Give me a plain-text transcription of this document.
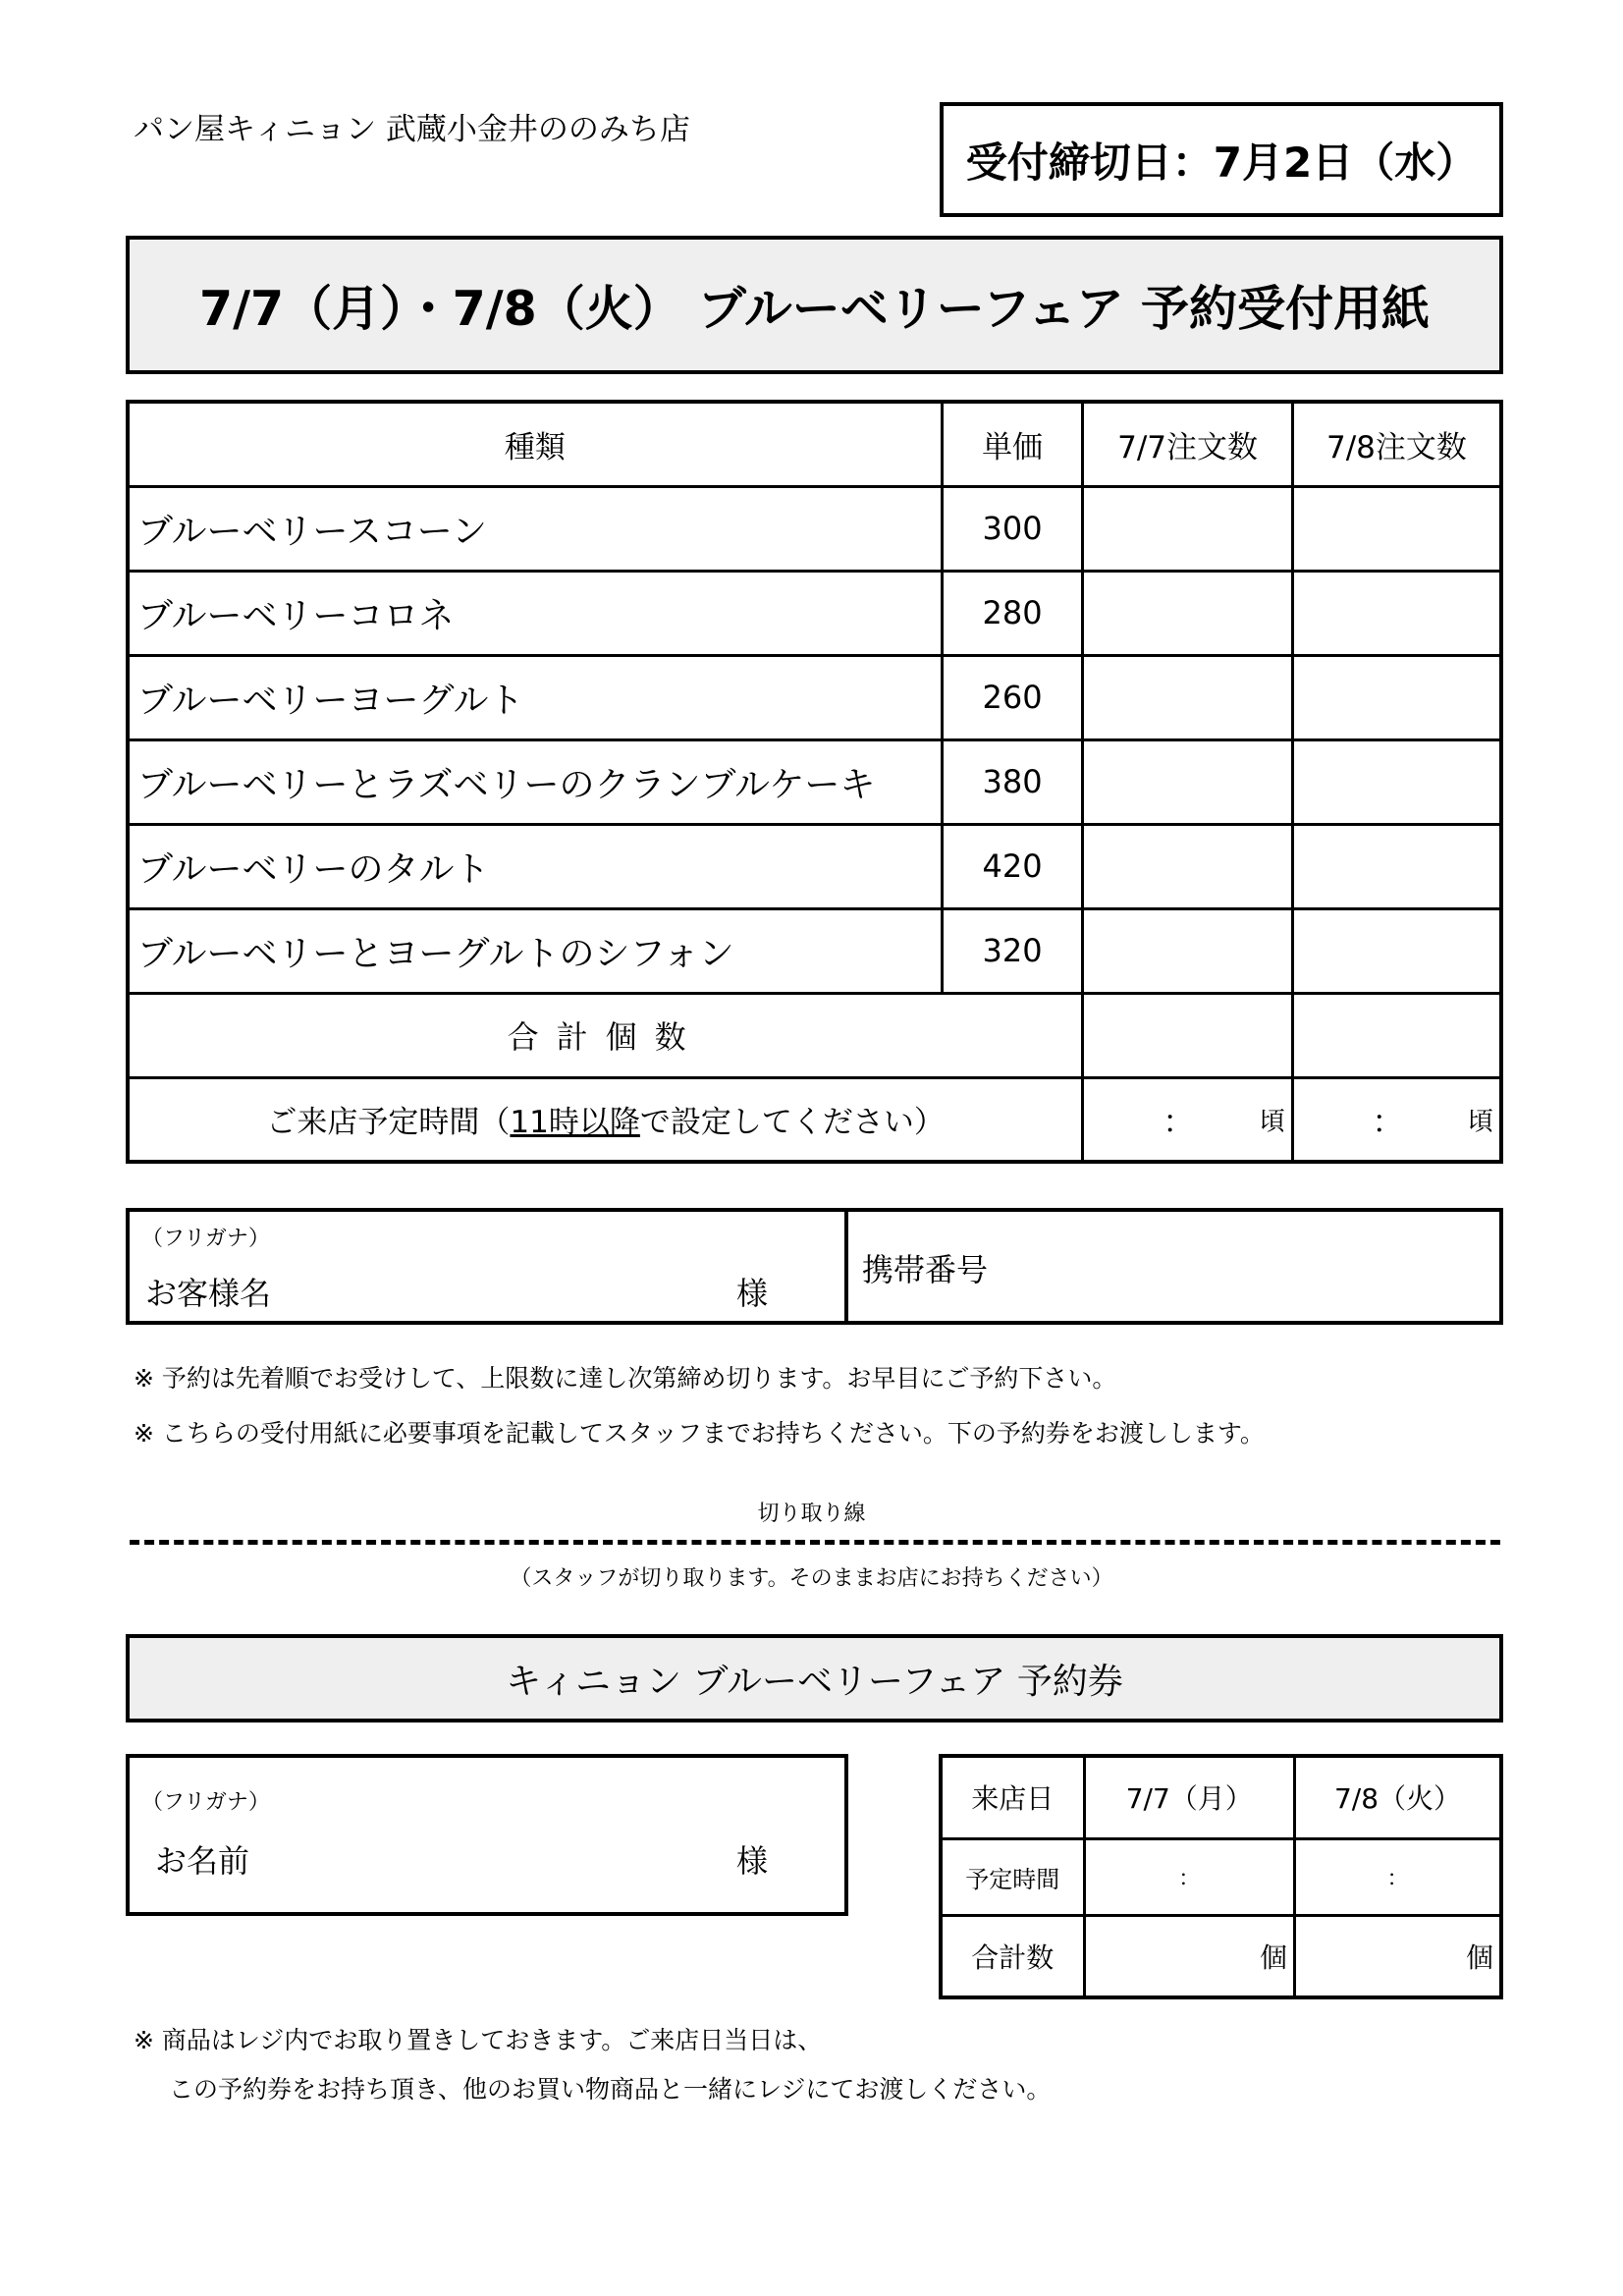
パン屋キィニョン 武蔵小金井ののみち店
受付締切日：7月2日（水）
7/7（月）・7/8（火） ブルーベリーフェア 予約受付用紙
種類	単価	7/7注文数	7/8注文数
ブルーベリースコーン	300		
ブルーベリーコロネ	280		
ブルーベリーヨーグルト	260		
ブルーベリーとラズベリーのクランブルケーキ	380		
ブルーベリーのタルト	420		
ブルーベリーとヨーグルトのシフォン	320		
合計個数			
ご来店予定時間（11時以降で設定してください）		： 頃	： 頃
（フリガナ）
お客様名	様
携帯番号
※ 予約は先着順でお受けして、上限数に達し次第締め切ります。お早目にご予約下さい。
※ こちらの受付用紙に必要事項を記載してスタッフまでお持ちください。下の予約券をお渡しします。
切り取り線
（スタッフが切り取ります。そのままお店にお持ちください）
キィニョン ブルーベリーフェア 予約券
（フリガナ）
お名前	様
来店日	7/7（月）	7/8（火）
予定時間	：	：
合計数	個	個
※ 商品はレジ内でお取り置きしておきます。ご来店日当日は、
この予約券をお持ち頂き、他のお買い物商品と一緒にレジにてお渡しください。
